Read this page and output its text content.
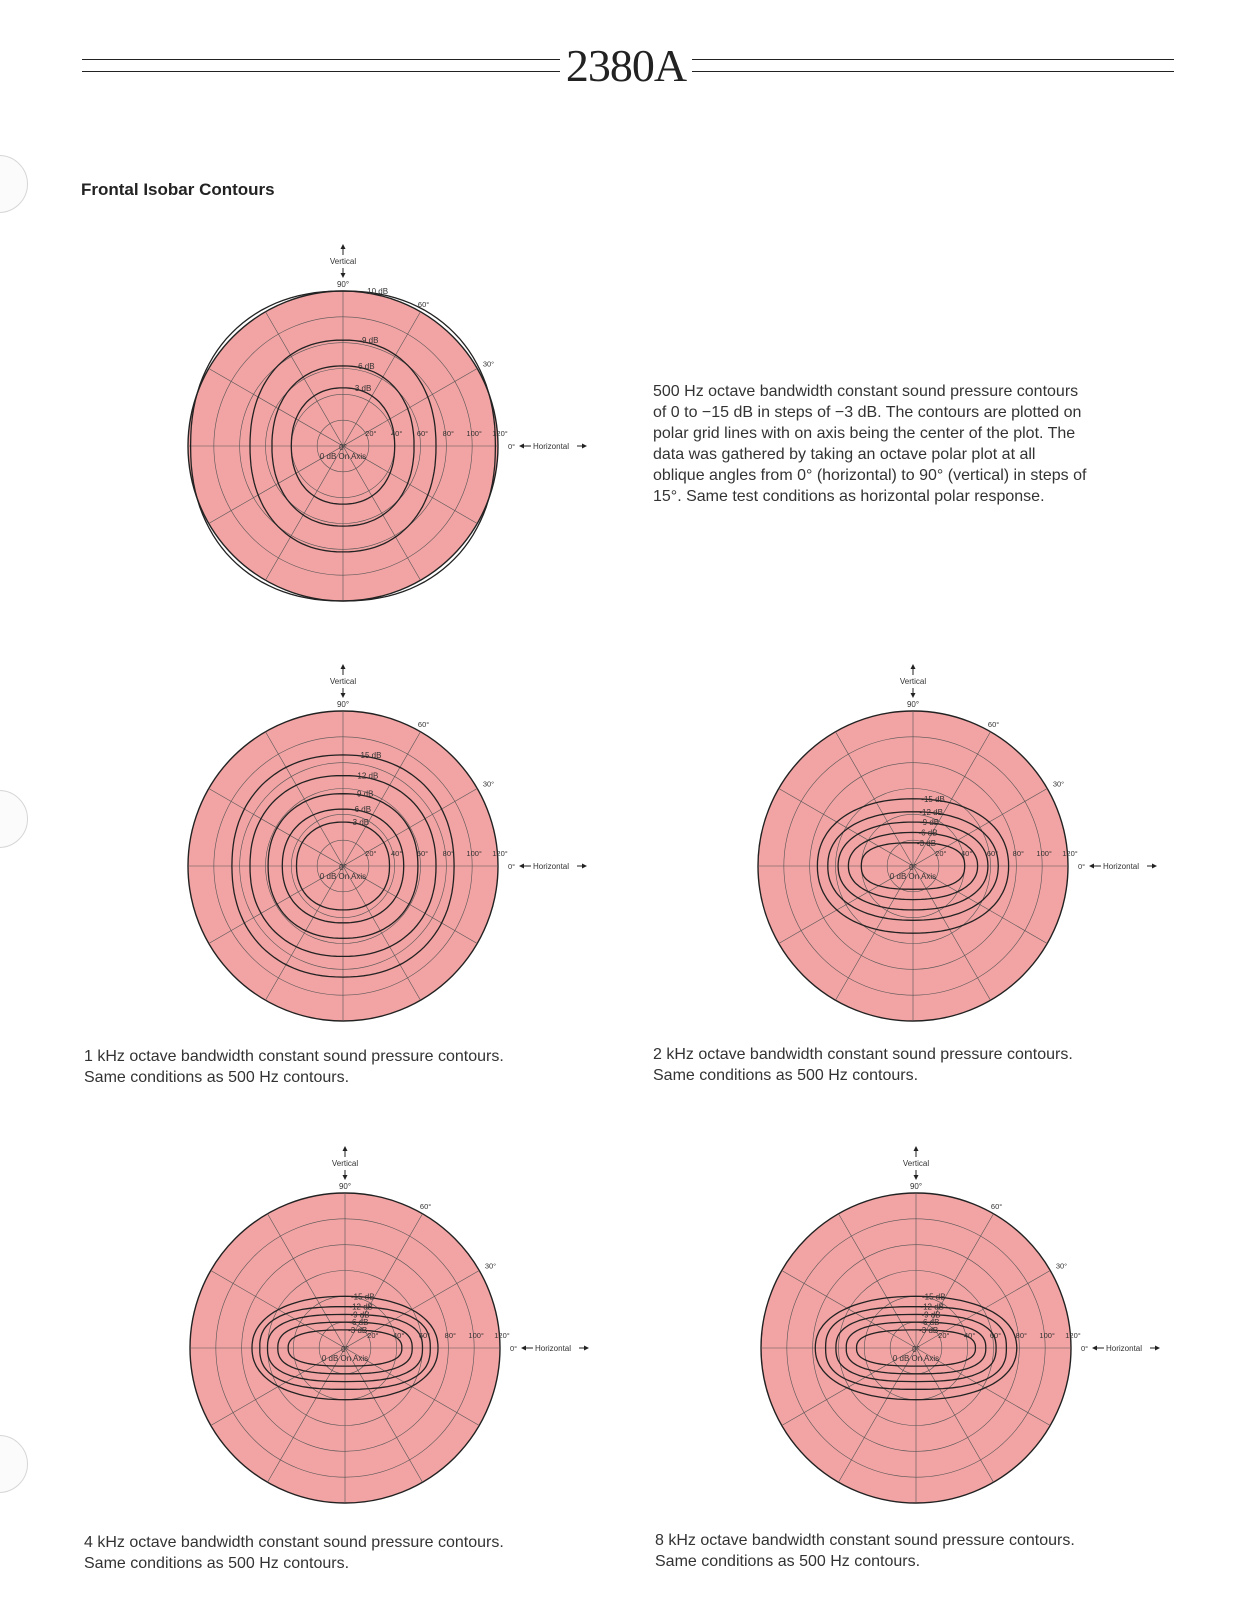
2380A
Frontal Isobar Contours
-3 dB
-6 dB
-9 dB
-10 dB
20° 40° 60° 80° 100° 120°
0°
0 dB On Axis
90°
60°
30°
Vertical
0° Horizontal
-3 dB
-6 dB
-9 dB
-12 dB
-15 dB
20° 40° 60° 80° 100° 120°
0°
0 dB On Axis
90°
60°
30°
Vertical
0° Horizontal
-3 dB
-6 dB
-9 dB
-12 dB
-15 dB
20° 40° 60° 80° 100° 120°
0°
0 dB On Axis
90°
60°
30°
Vertical
0° Horizontal
-3 dB
-6 dB
-9 dB
-12 dB
-15 dB
20° 40° 60° 80° 100° 120°
0°
0 dB On Axis
90°
60°
30°
Vertical
0° Horizontal
-3 dB
-6 dB
-9 dB
-12 dB
-15 dB
20° 40° 60° 80° 100° 120°
0°
0 dB On Axis
90°
60°
30°
Vertical
0° Horizontal
500 Hz octave bandwidth constant sound pressure contours
of 0 to −15 dB in steps of −3 dB. The contours are plotted on
polar grid lines with on axis being the center of the plot. The
data was gathered by taking an octave polar plot at all
oblique angles from 0° (horizontal) to 90° (vertical) in steps of
15°. Same test conditions as horizontal polar response.
1 kHz octave bandwidth constant sound pressure contours.
Same conditions as 500 Hz contours.
2 kHz octave bandwidth constant sound pressure contours.
Same conditions as 500 Hz contours.
4 kHz octave bandwidth constant sound pressure contours.
Same conditions as 500 Hz contours.
8 kHz octave bandwidth constant sound pressure contours.
Same conditions as 500 Hz contours.
